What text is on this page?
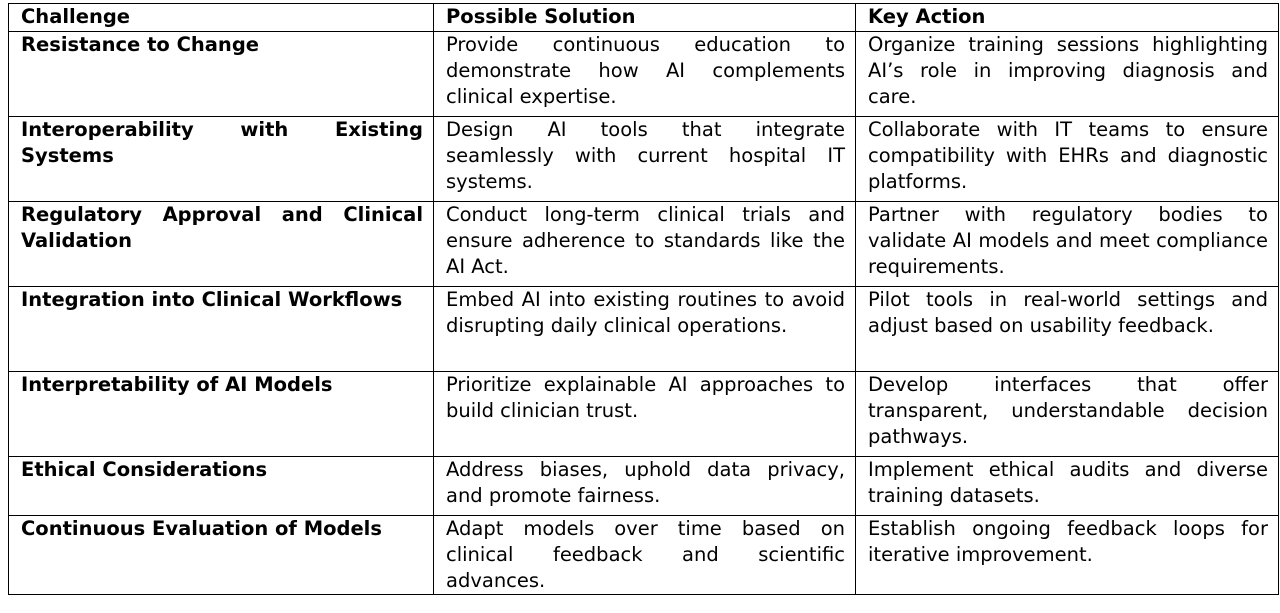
Challenge	Possible Solution	Key Action
Resistance to Change	Provide continuous education to demonstrate how AI complements clinical expertise.	Organize training sessions highlighting AI’s role in improving diagnosis and care.
Interoperability with Existing Systems	Design AI tools that integrate seamlessly with current hospital IT systems.	Collaborate with IT teams to ensure compatibility with EHRs and diagnostic platforms.
Regulatory Approval and Clinical Validation	Conduct long-term clinical trials and ensure adherence to standards like the AI Act.	Partner with regulatory bodies to validate AI models and meet compliance requirements.
Integration into Clinical Workflows	Embed AI into existing routines to avoid disrupting daily clinical operations.	Pilot tools in real-world settings and adjust based on usability feedback.
Interpretability of AI Models	Prioritize explainable AI approaches to build clinician trust.	Develop interfaces that offer transparent, understandable decision pathways.
Ethical Considerations	Address biases, uphold data privacy, and promote fairness.	Implement ethical audits and diverse training datasets.
Continuous Evaluation of Models	Adapt models over time based on clinical feedback and scientific advances.	Establish ongoing feedback loops for iterative improvement.
